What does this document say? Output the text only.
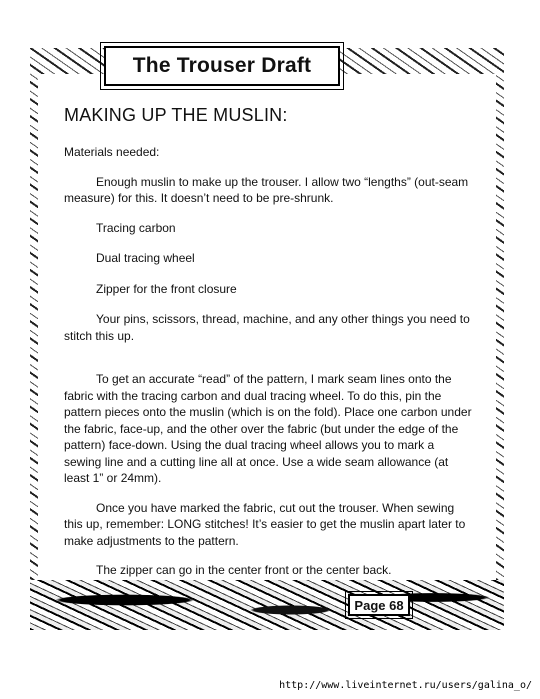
The Trouser Draft
MAKING UP THE MUSLIN:

Materials needed:

Enough muslin to make up the trouser. I allow two “lengths” (out-seam measure) for this. It doesn’t need to be pre-shrunk.

Tracing carbon

Dual tracing wheel

Zipper for the front closure

Your pins, scissors, thread, machine, and any other things you need to stitch this up.

To get an accurate “read” of the pattern, I mark seam lines onto the fabric with the tracing carbon and dual tracing wheel. To do this, pin the pattern pieces onto the muslin (which is on the fold). Place one carbon under the fabric, face-up, and the other over the fabric (but under the edge of the pattern) face-down. Using the dual tracing wheel allows you to mark a sewing line and a cutting line all at once. Use a wide seam allowance (at least 1” or 24mm).

Once you have marked the fabric, cut out the trouser. When sewing this up, remember: LONG stitches! It’s easier to get the muslin apart later to make adjustments to the pattern.

The zipper can go in the center front or the center back.

Page 68
http://www.liveinternet.ru/users/galina_o/
